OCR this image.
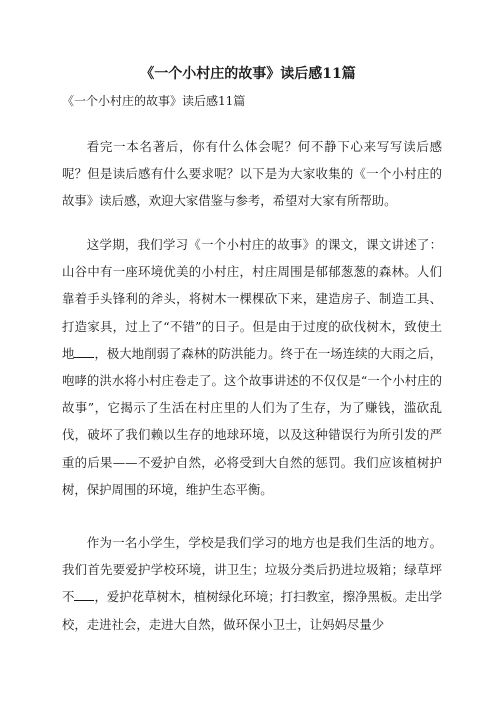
《一个小村庄的故事》读后感11篇
《一个小村庄的故事》读后感11篇

看完一本名著后，你有什么体会呢？何不静下心来写写读后感呢？但是读后感有什么要求呢？以下是为大家收集的《一个小村庄的故事》读后感，欢迎大家借鉴与参考，希望对大家有所帮助。

这学期，我们学习《一个小村庄的故事》的课文，课文讲述了：山谷中有一座环境优美的小村庄，村庄周围是郁郁葱葱的森林。人们靠着手头锋利的斧头，将树木一棵棵砍下来，建造房子、制造工具、打造家具，过上了“不错”的日子。但是由于过度的砍伐树木，致使土地 ，极大地削弱了森林的防洪能力。终于在一场连续的大雨之后，咆哮的洪水将小村庄卷走了。这个故事讲述的不仅仅是“一个小村庄的故事”，它揭示了生活在村庄里的人们为了生存，为了赚钱，滥砍乱伐，破坏了我们赖以生存的地球环境，以及这种错误行为所引发的严重的后果——不爱护自然，必将受到大自然的惩罚。我们应该植树护树，保护周围的环境，维护生态平衡。

作为一名小学生，学校是我们学习的地方也是我们生活的地方。我们首先要爱护学校环境，讲卫生；垃圾分类后扔进垃圾箱；绿草坪不 ，爱护花草树木，植树绿化环境；打扫教室，擦净黑板。走出学校，走进社会，走进大自然，做环保小卫士，让妈妈尽量少
